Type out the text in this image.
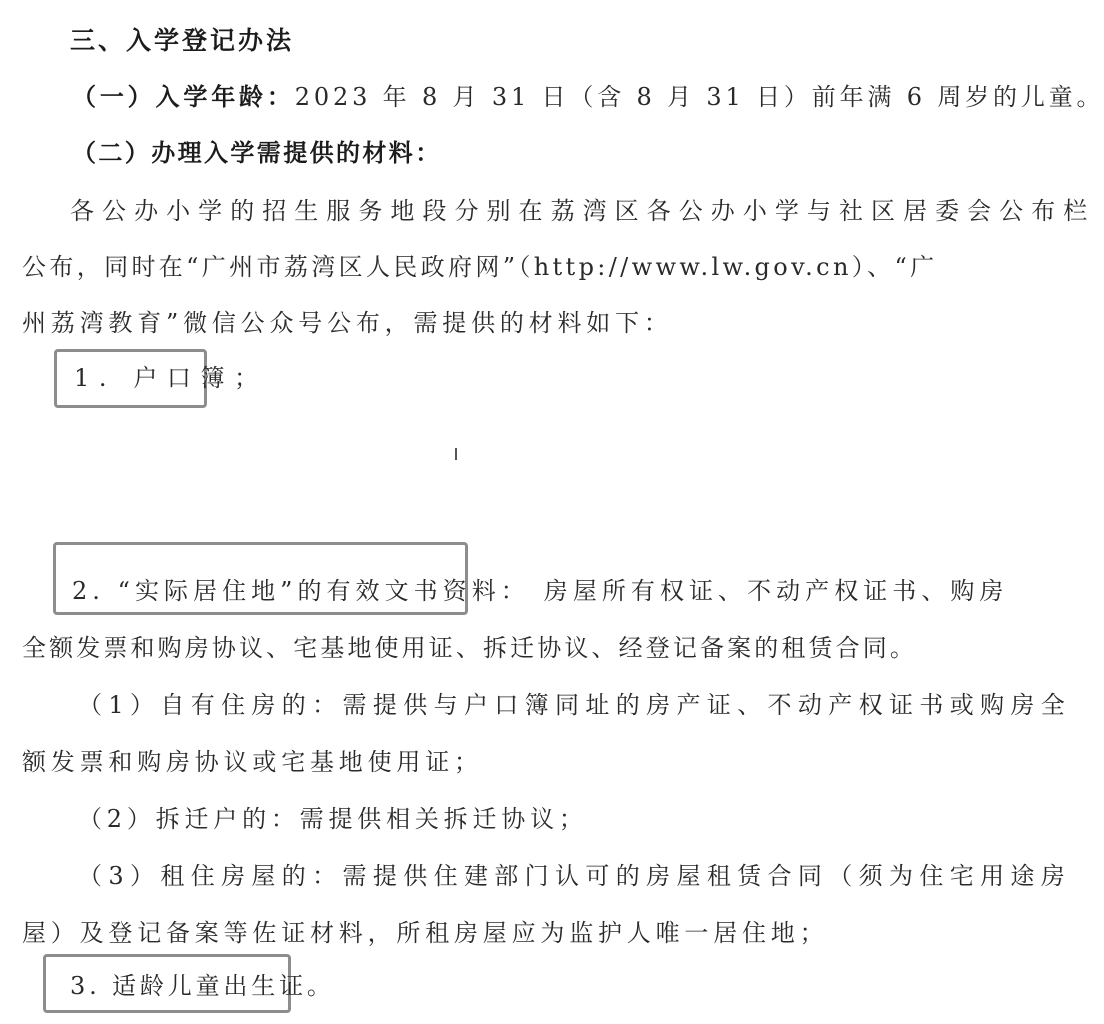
三、入学登记办法
（一）入学年龄：2023 年 8 月 31 日（含 8 月 31 日）前年满 6 周岁的儿童。
（二）办理入学需提供的材料：
各公办小学的招生服务地段分别在荔湾区各公办小学与社区居委会公布栏
公布，同时在“广州市荔湾区人民政府网”（http://www.lw.gov.cn）、“广
州荔湾教育”微信公众号公布，需提供的材料如下：
1. 户口簿；
2. “实际居住地”的有效文书资料： 房屋所有权证、不动产权证书、购房
全额发票和购房协议、宅基地使用证、拆迁协议、经登记备案的租赁合同。
（1）自有住房的：需提供与户口簿同址的房产证、不动产权证书或购房全
额发票和购房协议或宅基地使用证；
（2）拆迁户的：需提供相关拆迁协议；
（3）租住房屋的：需提供住建部门认可的房屋租赁合同（须为住宅用途房
屋）及登记备案等佐证材料，所租房屋应为监护人唯一居住地；
3. 适龄儿童出生证。
